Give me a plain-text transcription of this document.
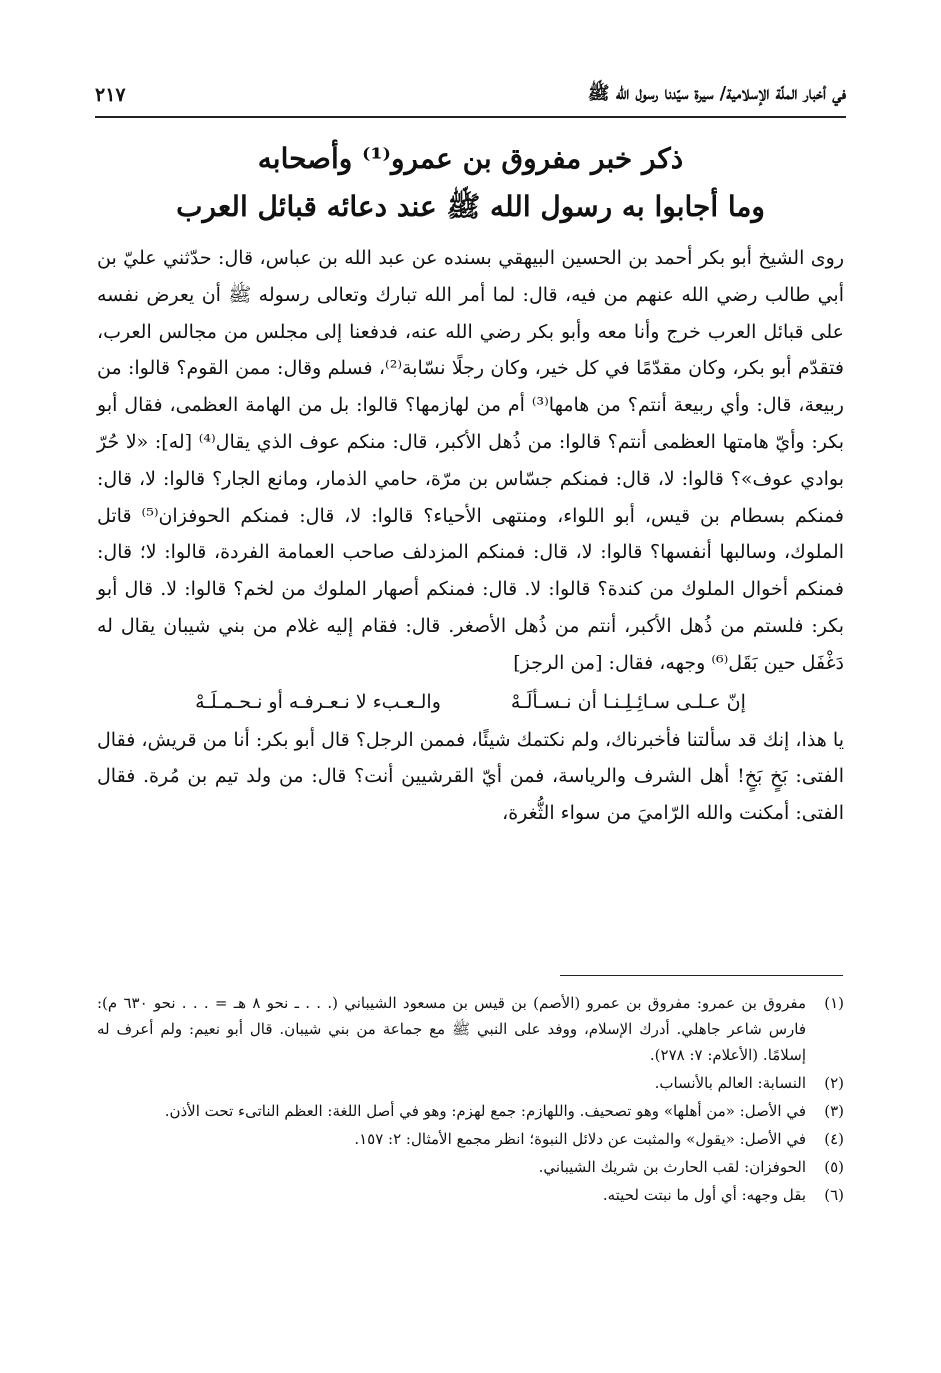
في أخبار الملّة الإسلامية/ سيرة سيّدنا رسول الله ﷺ
٢١٧

ذكر خبر مفروق بن عمرو⁽¹⁾ وأصحابه

وما أجابوا به رسول الله ﷺ عند دعائه قبائل العرب

روى الشيخ أبو بكر أحمد بن الحسين البيهقي بسنده عن عبد الله بن عباس، قال: حدّثني عليّ بن أبي طالب رضي الله عنهم من فيه، قال: لما أمر الله تبارك وتعالى رسوله ﷺ أن يعرض نفسه على قبائل العرب خرج وأنا معه وأبو بكر رضي الله عنه، فدفعنا إلى مجلس من مجالس العرب، فتقدّم أبو بكر، وكان مقدّمًا في كل خير، وكان رجلًا نسّابة⁽²⁾، فسلم وقال: ممن القوم؟ قالوا: من ربيعة، قال: وأي ربيعة أنتم؟ من هامها⁽³⁾ أم من لهازمها؟ قالوا: بل من الهامة العظمى، فقال أبو بكر: وأيّ هامتها العظمى أنتم؟ قالوا: من ذُهل الأكبر، قال: منكم عوف الذي يقال⁽⁴⁾ [له]: «لا حُرّ بوادي عوف»؟ قالوا: لا، قال: فمنكم جسّاس بن مرّة، حامي الذمار، ومانع الجار؟ قالوا: لا، قال: فمنكم بسطام بن قيس، أبو اللواء، ومنتهى الأحياء؟ قالوا: لا، قال: فمنكم الحوفزان⁽⁵⁾ قاتل الملوك، وسالبها أنفسها؟ قالوا: لا، قال: فمنكم المزدلف صاحب العمامة الفردة، قالوا: لا؛ قال: فمنكم أخوال الملوك من كندة؟ قالوا: لا. قال: فمنكم أصهار الملوك من لخم؟ قالوا: لا. قال أبو بكر: فلستم من ذُهل الأكبر، أنتم من ذُهل الأصغر. قال: فقام إليه غلام من بني شيبان يقال له دَغْفَل حين بَقَل⁽⁶⁾ وجهه، فقال: [من الرجز]

إنّ عـلـى سـائِـلِـنـا أن نـسـألَـهْ
والـعـبء لا نـعـرفـه أو نـحـمـلَـهْ

يا هذا، إنك قد سألتنا فأخبرناك، ولم نكتمك شيئًا، فممن الرجل؟ قال أبو بكر: أنا من قريش، فقال الفتى: بَخٍ بَخٍ! أهل الشرف والرياسة، فمن أيّ القرشيين أنت؟ قال: من ولد تيم بن مُرة. فقال الفتى: أمكنت والله الرّاميَ من سواء الثُّغرة،

(١)
مفروق بن عمرو: مفروق بن عمرو (الأصم) بن قيس بن مسعود الشيباني (. . . ـ نحو ٨ هـ = . . . نحو ٦٣٠ م): فارس شاعر جاهلي. أدرك الإسلام، ووفد على النبي ﷺ مع جماعة من بني شيبان. قال أبو نعيم: ولم أعرف له إسلامًا. (الأعلام: ٧: ٢٧٨).
(٢)
النسابة: العالم بالأنساب.
(٣)
في الأصل: «من أهلها» وهو تصحيف. واللهازم: جمع لهزم: وهو في أصل اللغة: العظم الناتىء تحت الأذن.
(٤)
في الأصل: «يقول» والمثبت عن دلائل النبوة؛ انظر مجمع الأمثال: ٢: ١٥٧.
(٥)
الحوفزان: لقب الحارث بن شريك الشيباني.
(٦)
بقل وجهه: أي أول ما نبتت لحيته.
